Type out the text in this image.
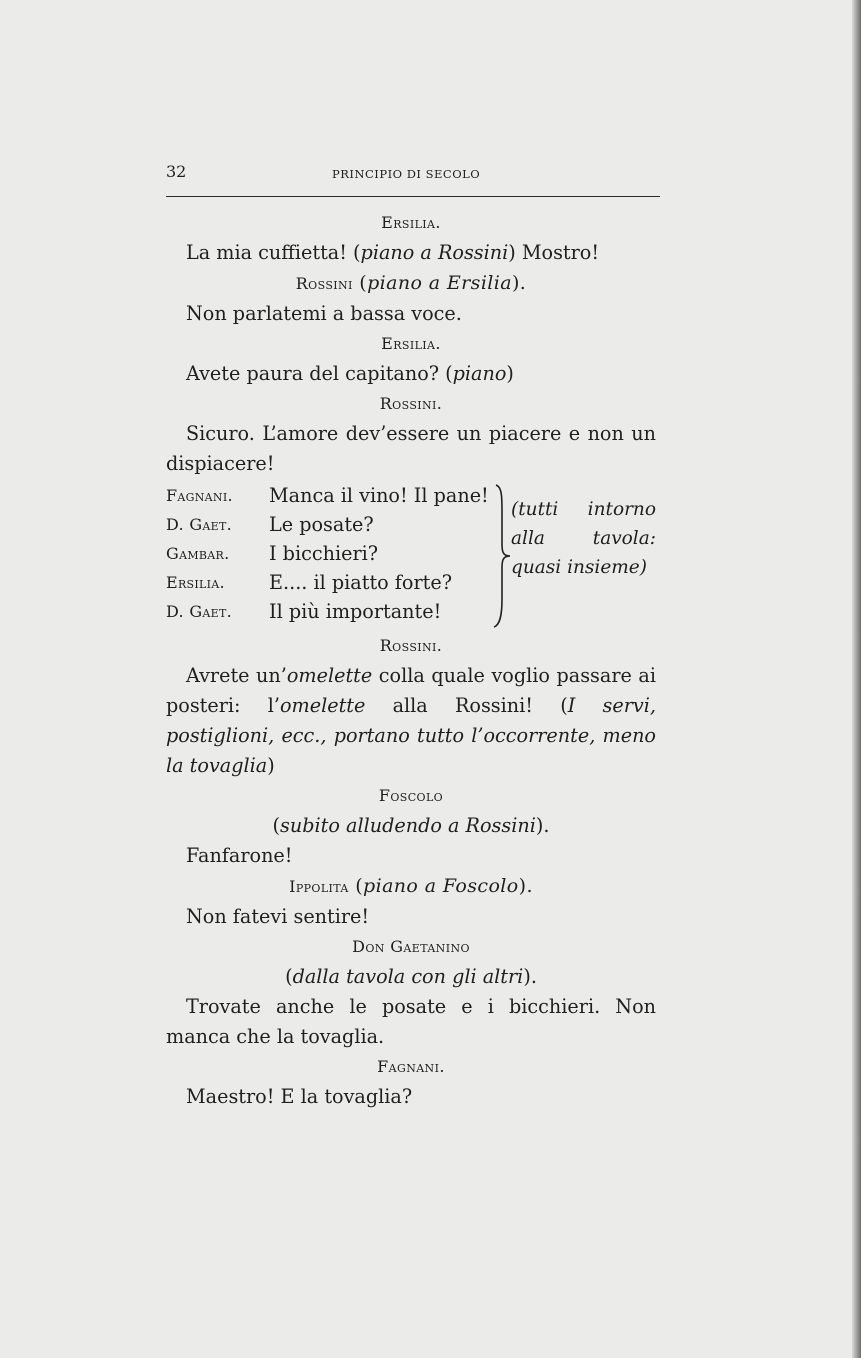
32	PRINCIPIO DI SECOLO
Ersilia.
La mia cuffietta! (piano a Rossini) Mostro!
Rossini (piano a Ersilia).
Non parlatemi a bassa voce.
Ersilia.
Avete paura del capitano? (piano)
Rossini.
Sicuro. L’amore dev’essere un piacere e non un dispiacere!
Fagnani. Manca il vino! Il pane!
D. Gaet. Le posate?
Gambar. I bicchieri?
Ersilia. E.... il piatto forte?
D. Gaet. Il più importante!
(tutti intorno alla tavola: quasi insieme)
Rossini.
Avrete un’omelette colla quale voglio passare ai posteri: l’omelette alla Rossini! (I servi, postiglioni, ecc., portano tutto l’occorrente, meno la tovaglia)
Foscolo
(subito alludendo a Rossini).
Fanfarone!
Ippolita (piano a Foscolo).
Non fatevi sentire!
Don Gaetanino
(dalla tavola con gli altri).
Trovate anche le posate e i bicchieri. Non manca che la tovaglia.
Fagnani.
Maestro! E la tovaglia?
